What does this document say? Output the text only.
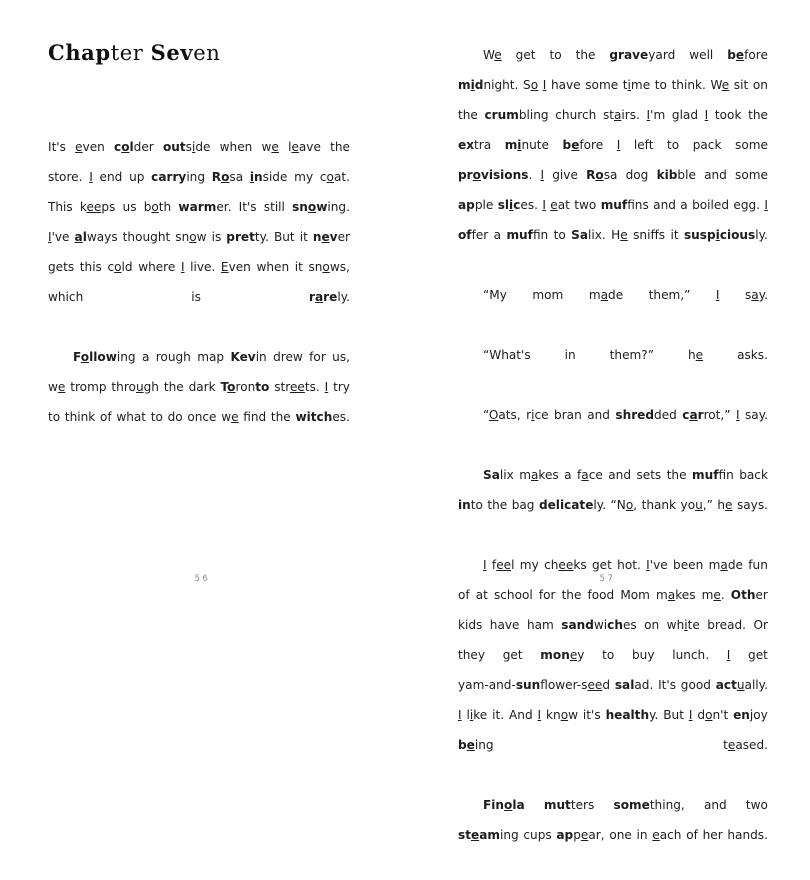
Chapter Seven

It's even colder outside when we leave the store. I end up carrying Rosa inside my coat. This keeps us both warmer. It's still snowing. I've always thought snow is pretty. But it never gets this cold where I live. Even when it snows, which	is	rarely.

Following a rough map Kevin drew for us, we tromp through the dark Toronto streets. I try to think of what to do once we fnd the witches.

56

We get to the graveyard well before midnight. So I have some time to think. We sit on the crumbling church stairs. I'm glad I took the extra minute before I left to pack some provisions. I give Rosa dog kibble and some apple slices. I eat two muffins and a boiled egg. I offer a muffin to Salix. He sniffs it suspiciously.

“My mom made them,” I say.

“What's	in	them?”	he	asks.

“Oats, rice bran and shredded carrot,” I say.

Salix makes a face and sets the muffin back into the bag delicately. “No, thank you,” he says.

I feel my cheeks get hot. I've been made fun of at school for the food Mom makes me. Other kids have ham sandwiches on white bread. Or they get money to buy lunch. I get yam-and-sunflower-seed salad. It's good actually. I like it. And I know it's healthy. But I don't enjoy being	teased.

Finola mutters something, and two steaming cups appear, one in each of her hands.

57
